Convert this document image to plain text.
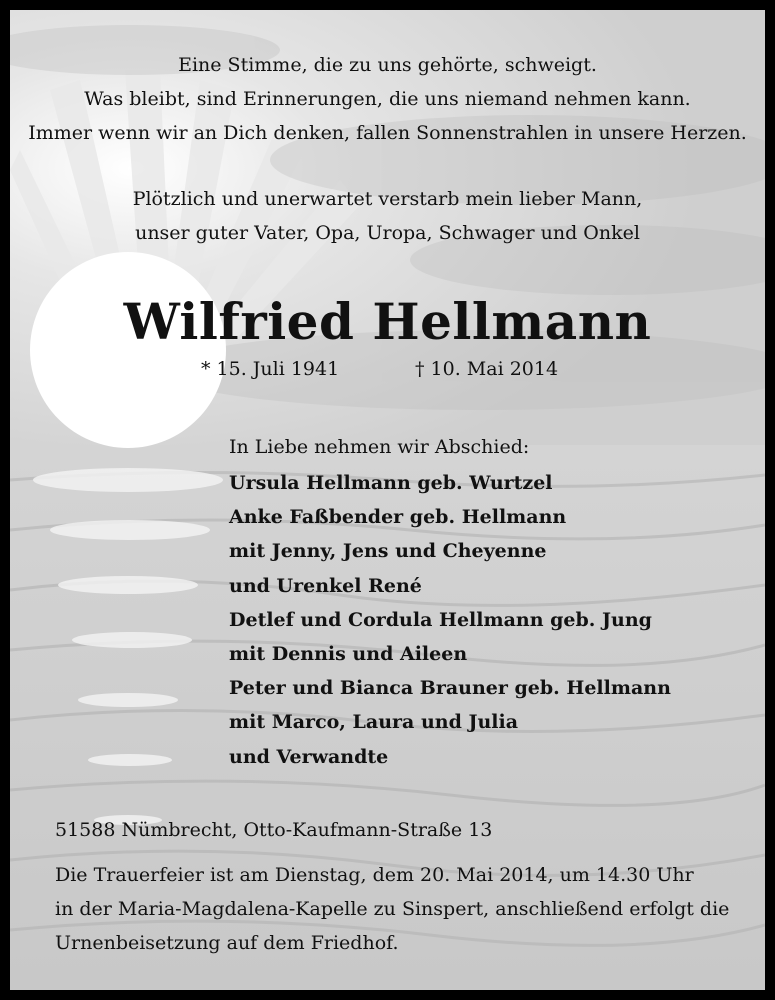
Eine Stimme, die zu uns gehörte, schweigt.
Was bleibt, sind Erinnerungen, die uns niemand nehmen kann.
Immer wenn wir an Dich denken, fallen Sonnenstrahlen in unsere Herzen.
Plötzlich und unerwartet verstarb mein lieber Mann,
unser guter Vater, Opa, Uropa, Schwager und Onkel
Wilfried Hellmann
* 15. Juli 1941	† 10. Mai 2014
In Liebe nehmen wir Abschied:
Ursula Hellmann geb. Wurtzel
Anke Faßbender geb. Hellmann
mit Jenny, Jens und Cheyenne
und Urenkel René
Detlef und Cordula Hellmann geb. Jung
mit Dennis und Aileen
Peter und Bianca Brauner geb. Hellmann
mit Marco, Laura und Julia
und Verwandte
51588 Nümbrecht, Otto-Kaufmann-Straße 13
Die Trauerfeier ist am Dienstag, dem 20. Mai 2014, um 14.30 Uhr
in der Maria-Magdalena-Kapelle zu Sinspert, anschließend erfolgt die
Urnenbeisetzung auf dem Friedhof.
